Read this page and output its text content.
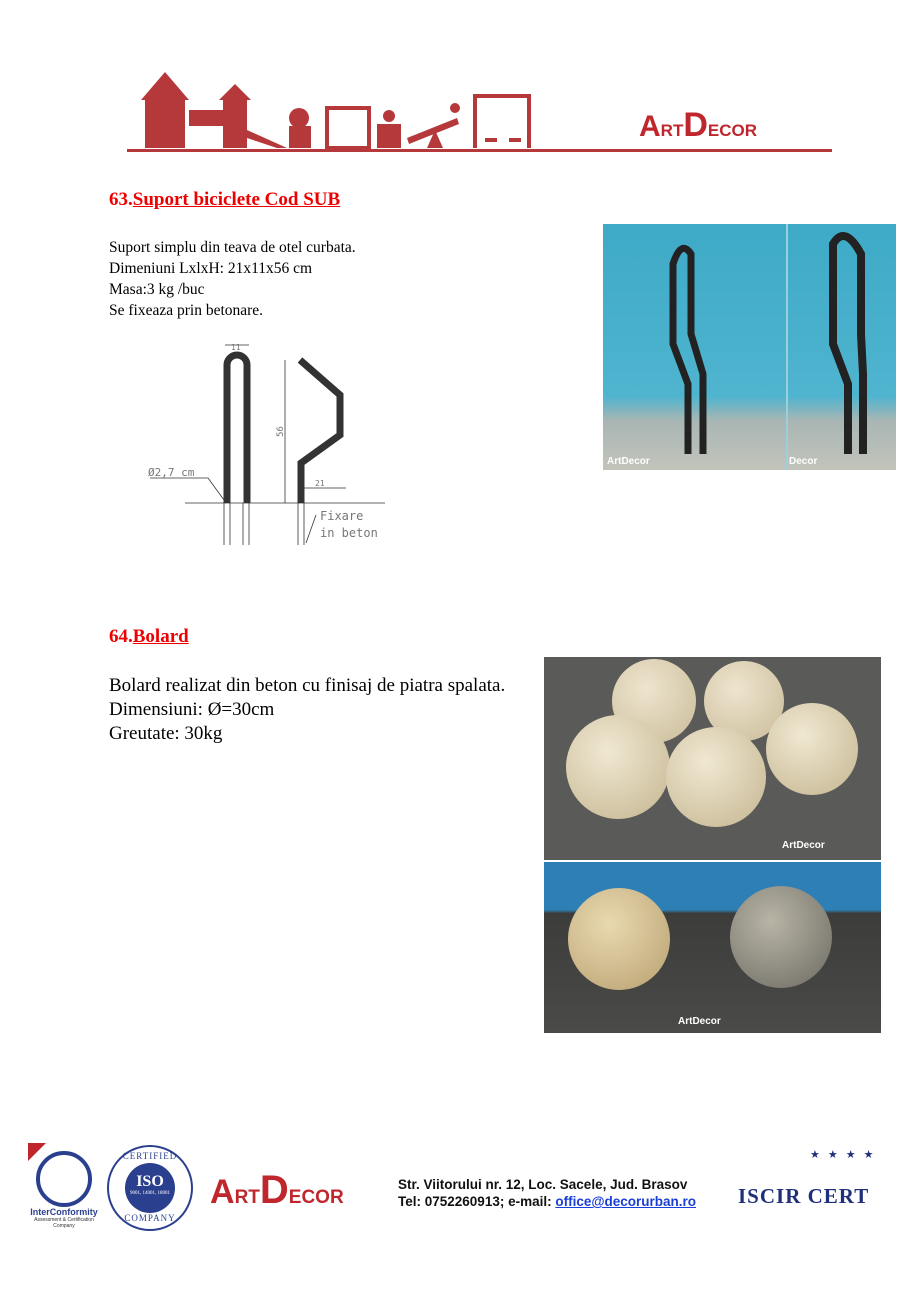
ARTDECOR
63.Suport biciclete Cod SUB
Suport simplu din teava de otel curbata.
Dimeniuni LxlxH: 21x11x56 cm
Masa:3 kg /buc
Se fixeaza prin betonare.
11
56
21
Ø2,7 cm
Fixare
in beton
ArtDecor	Decor
64.Bolard
Bolard realizat din beton cu finisaj de piatra spalata.
Dimensiuni: Ø=30cm
Greutate: 30kg
ArtDecor
ArtDecor
InterConformity
Assessment & Certification Company
CERTIFIED
ISO
9001, 14001, 18001
COMPANY
ARTDECOR
Str. Viitorului nr. 12, Loc. Sacele, Jud. Brasov
Tel: 0752260913; e-mail: office@decorurban.ro
★★★★
ISCIR CERT
